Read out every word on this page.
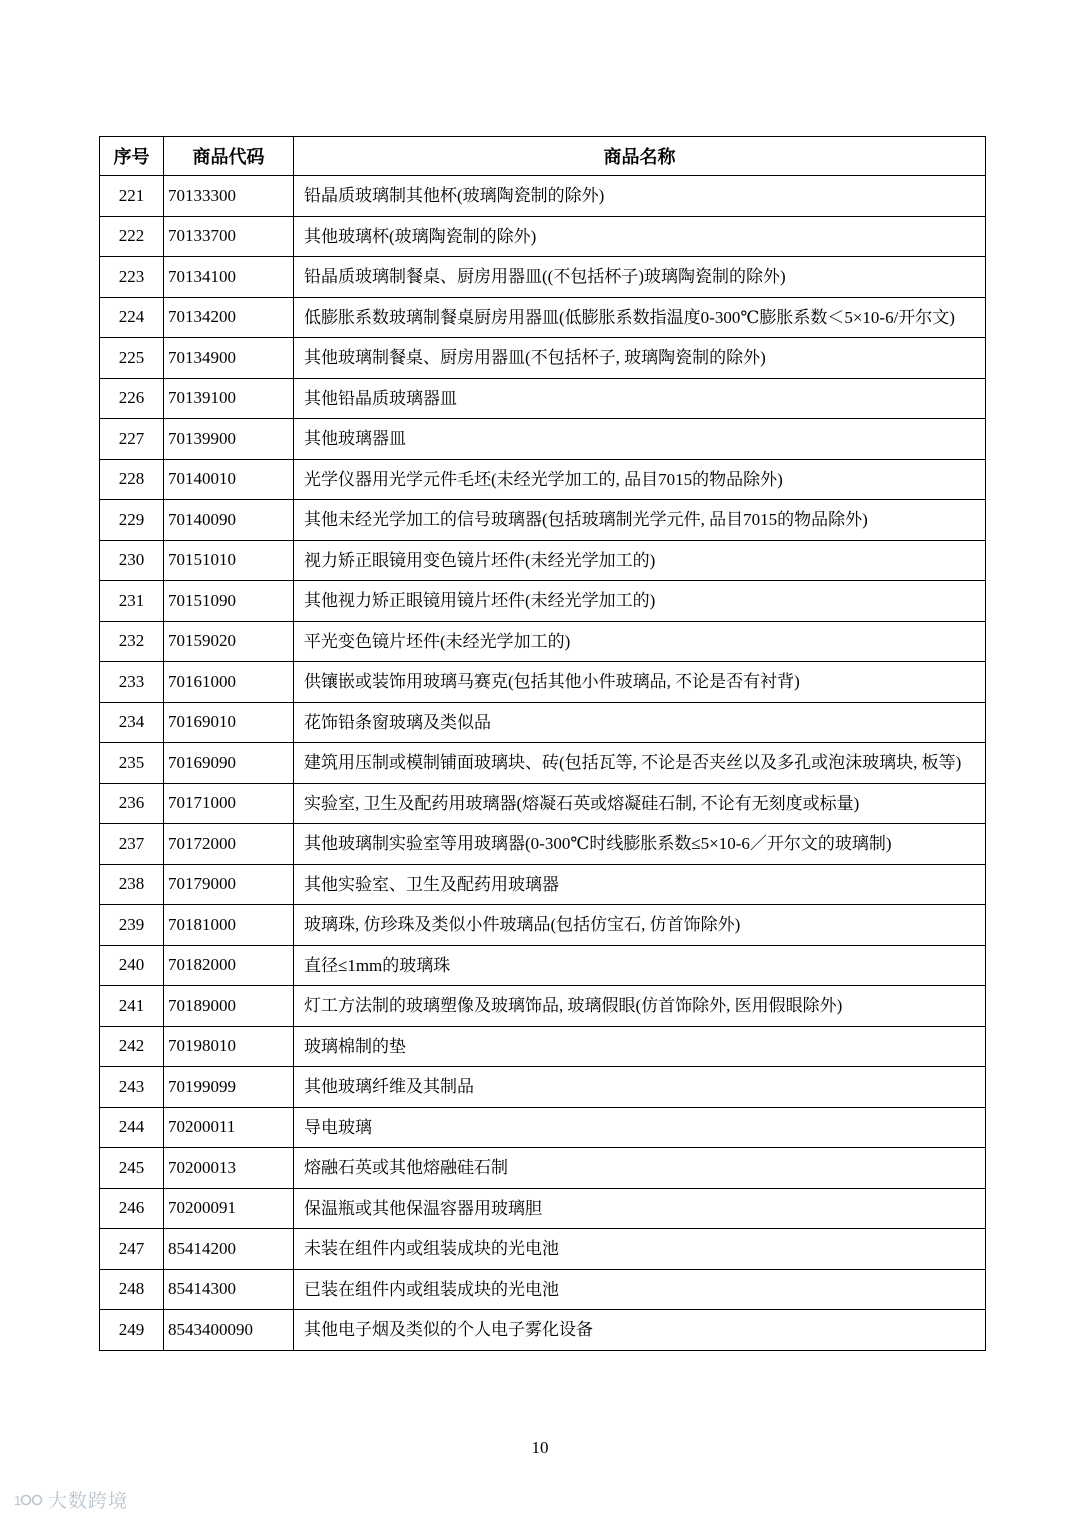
序号	商品代码	商品名称
221	70133300	铅晶质玻璃制其他杯(玻璃陶瓷制的除外)
222	70133700	其他玻璃杯(玻璃陶瓷制的除外)
223	70134100	铅晶质玻璃制餐桌、厨房用器皿((不包括杯子)玻璃陶瓷制的除外)
224	70134200	低膨胀系数玻璃制餐桌厨房用器皿(低膨胀系数指温度0-300℃膨胀系数＜5×10-6/开尔文)
225	70134900	其他玻璃制餐桌、厨房用器皿(不包括杯子, 玻璃陶瓷制的除外)
226	70139100	其他铅晶质玻璃器皿
227	70139900	其他玻璃器皿
228	70140010	光学仪器用光学元件毛坯(未经光学加工的, 品目7015的物品除外)
229	70140090	其他未经光学加工的信号玻璃器(包括玻璃制光学元件, 品目7015的物品除外)
230	70151010	视力矫正眼镜用变色镜片坯件(未经光学加工的)
231	70151090	其他视力矫正眼镜用镜片坯件(未经光学加工的)
232	70159020	平光变色镜片坯件(未经光学加工的)
233	70161000	供镶嵌或装饰用玻璃马赛克(包括其他小件玻璃品, 不论是否有衬背)
234	70169010	花饰铅条窗玻璃及类似品
235	70169090	建筑用压制或模制铺面玻璃块、砖(包括瓦等, 不论是否夹丝以及多孔或泡沫玻璃块, 板等)
236	70171000	实验室, 卫生及配药用玻璃器(熔凝石英或熔凝硅石制, 不论有无刻度或标量)
237	70172000	其他玻璃制实验室等用玻璃器(0-300℃时线膨胀系数≤5×10-6／开尔文的玻璃制)
238	70179000	其他实验室、卫生及配药用玻璃器
239	70181000	玻璃珠, 仿珍珠及类似小件玻璃品(包括仿宝石, 仿首饰除外)
240	70182000	直径≤1mm的玻璃珠
241	70189000	灯工方法制的玻璃塑像及玻璃饰品, 玻璃假眼(仿首饰除外, 医用假眼除外)
242	70198010	玻璃棉制的垫
243	70199099	其他玻璃纤维及其制品
244	70200011	导电玻璃
245	70200013	熔融石英或其他熔融硅石制
246	70200091	保温瓶或其他保温容器用玻璃胆
247	85414200	未装在组件内或组装成块的光电池
248	85414300	已装在组件内或组装成块的光电池
249	8543400090	其他电子烟及类似的个人电子雾化设备
10
1 大数跨境
